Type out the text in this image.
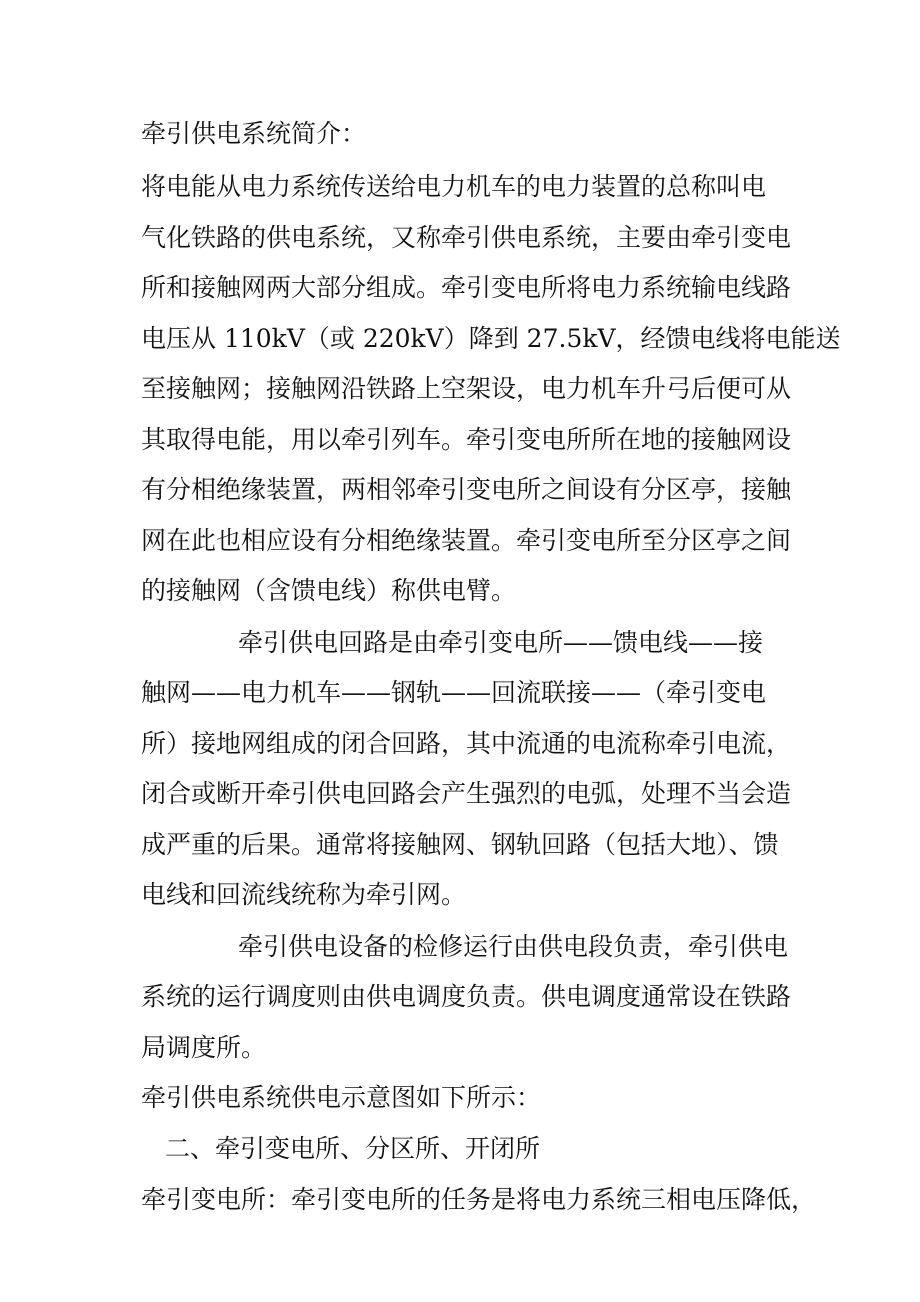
牵引供电系统简介：
将电能从电力系统传送给电力机车的电力装置的总称叫电
气化铁路的供电系统，又称牵引供电系统，主要由牵引变电
所和接触网两大部分组成。牵引变电所将电力系统输电线路
电压从 110kV（或 220kV）降到 27.5kV，经馈电线将电能送
至接触网；接触网沿铁路上空架设，电力机车升弓后便可从
其取得电能，用以牵引列车。牵引变电所所在地的接触网设
有分相绝缘装置，两相邻牵引变电所之间设有分区亭，接触
网在此也相应设有分相绝缘装置。牵引变电所至分区亭之间
的接触网（含馈电线）称供电臂。
牵引供电回路是由牵引变电所——馈电线——接
触网——电力机车——钢轨——回流联接——（牵引变电
所）接地网组成的闭合回路，其中流通的电流称牵引电流，
闭合或断开牵引供电回路会产生强烈的电弧，处理不当会造
成严重的后果。通常将接触网、钢轨回路（包括大地）、馈
电线和回流线统称为牵引网。
牵引供电设备的检修运行由供电段负责，牵引供电
系统的运行调度则由供电调度负责。供电调度通常设在铁路
局调度所。
牵引供电系统供电示意图如下所示：
二、牵引变电所、分区所、开闭所
牵引变电所：牵引变电所的任务是将电力系统三相电压降低，
